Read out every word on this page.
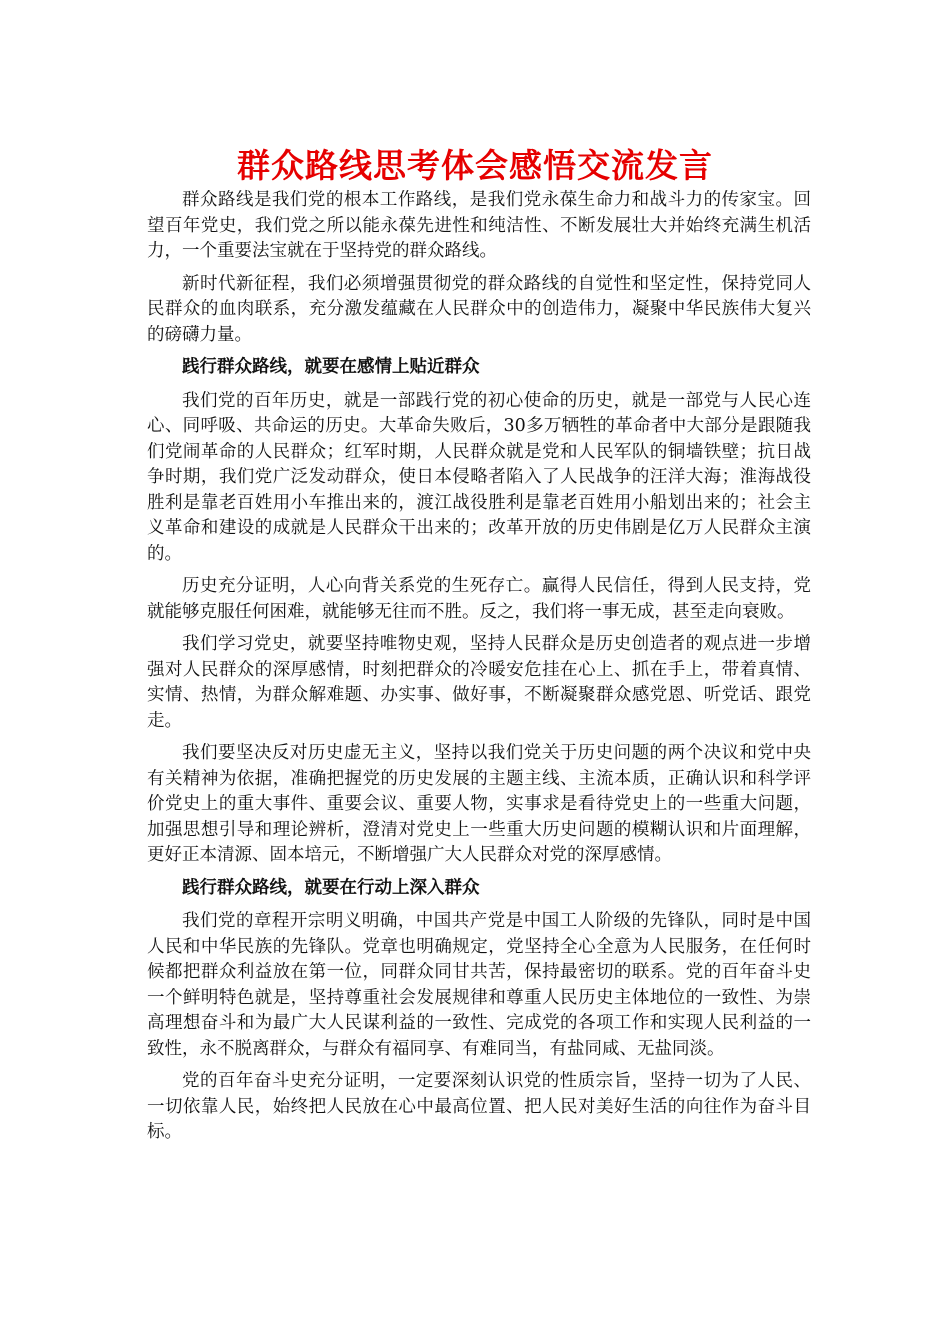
群众路线思考体会感悟交流发言

群众路线是我们党的根本工作路线，是我们党永葆生命力和战斗力的传家宝。回望百年党史，我们党之所以能永葆先进性和纯洁性、不断发展壮大并始终充满生机活力，一个重要法宝就在于坚持党的群众路线。

新时代新征程，我们必须增强贯彻党的群众路线的自觉性和坚定性，保持党同人民群众的血肉联系，充分激发蕴藏在人民群众中的创造伟力，凝聚中华民族伟大复兴的磅礴力量。

践行群众路线，就要在感情上贴近群众

我们党的百年历史，就是一部践行党的初心使命的历史，就是一部党与人民心连心、同呼吸、共命运的历史。大革命失败后，30多万牺牲的革命者中大部分是跟随我们党闹革命的人民群众；红军时期，人民群众就是党和人民军队的铜墙铁壁；抗日战争时期，我们党广泛发动群众，使日本侵略者陷入了人民战争的汪洋大海；淮海战役胜利是靠老百姓用小车推出来的，渡江战役胜利是靠老百姓用小船划出来的；社会主义革命和建设的成就是人民群众干出来的；改革开放的历史伟剧是亿万人民群众主演的。

历史充分证明，人心向背关系党的生死存亡。赢得人民信任，得到人民支持，党就能够克服任何困难，就能够无往而不胜。反之，我们将一事无成，甚至走向衰败。

我们学习党史，就要坚持唯物史观，坚持人民群众是历史创造者的观点进一步增强对人民群众的深厚感情，时刻把群众的冷暖安危挂在心上、抓在手上，带着真情、实情、热情，为群众解难题、办实事、做好事，不断凝聚群众感党恩、听党话、跟党走。

我们要坚决反对历史虚无主义，坚持以我们党关于历史问题的两个决议和党中央有关精神为依据，准确把握党的历史发展的主题主线、主流本质，正确认识和科学评价党史上的重大事件、重要会议、重要人物，实事求是看待党史上的一些重大问题，加强思想引导和理论辨析，澄清对党史上一些重大历史问题的模糊认识和片面理解，更好正本清源、固本培元，不断增强广大人民群众对党的深厚感情。

践行群众路线，就要在行动上深入群众

我们党的章程开宗明义明确，中国共产党是中国工人阶级的先锋队，同时是中国人民和中华民族的先锋队。党章也明确规定，党坚持全心全意为人民服务，在任何时候都把群众利益放在第一位，同群众同甘共苦，保持最密切的联系。党的百年奋斗史一个鲜明特色就是，坚持尊重社会发展规律和尊重人民历史主体地位的一致性、为崇高理想奋斗和为最广大人民谋利益的一致性、完成党的各项工作和实现人民利益的一致性，永不脱离群众，与群众有福同享、有难同当，有盐同咸、无盐同淡。

党的百年奋斗史充分证明，一定要深刻认识党的性质宗旨，坚持一切为了人民、一切依靠人民，始终把人民放在心中最高位置、把人民对美好生活的向往作为奋斗目标。
